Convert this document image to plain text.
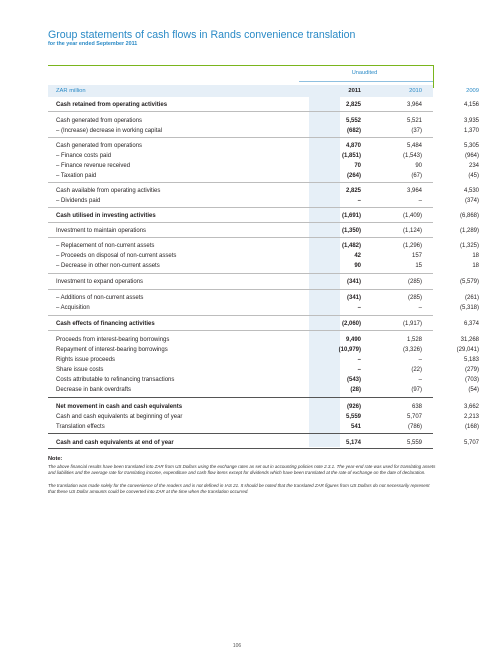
Group statements of cash flows in Rands convenience translation
for the year ended September 2011
Unaudited
ZAR million	2011	2010	2009
Cash retained from operating activities	2,825	3,964	4,156
Cash generated from operations	5,552	5,521	3,935
– (Increase) decrease in working capital	(682)	(37)	1,370
Cash generated from operations	4,870	5,484	5,305
– Finance costs paid	(1,851)	(1,543)	(964)
– Finance revenue received	70	90	234
– Taxation paid	(264)	(67)	(45)
Cash available from operating activities	2,825	3,964	4,530
– Dividends paid	–	–	(374)
Cash utilised in investing activities	(1,691)	(1,409)	(6,868)
Investment to maintain operations	(1,350)	(1,124)	(1,289)
– Replacement of non-current assets	(1,482)	(1,296)	(1,325)
– Proceeds on disposal of non-current assets	42	157	18
– Decrease in other non-current assets	90	15	18
Investment to expand operations	(341)	(285)	(5,579)
– Additions of non-current assets	(341)	(285)	(261)
– Acquisition	–	–	(5,318)
Cash effects of financing activities	(2,060)	(1,917)	6,374
Proceeds from interest-bearing borrowings	9,490	1,528	31,268
Repayment of interest-bearing borrowings	(10,979)	(3,326)	(29,041)
Rights issue proceeds	–	–	5,183
Share issue costs	–	(22)	(279)
Costs attributable to refinancing transactions	(543)	–	(703)
Decrease in bank overdrafts	(28)	(97)	(54)
Net movement in cash and cash equivalents	(926)	638	3,662
Cash and cash equivalents at beginning of year	5,559	5,707	2,213
Translation effects	541	(786)	(168)
Cash and cash equivalents at end of year	5,174	5,559	5,707
Note:
The above financial results have been translated into ZAR from US Dollars using the exchange rates as set out in accounting policies note 2.3.1. The year-end rate was used for translating assets and liabilities and the average rate for translating income, expenditure and cash flow items except for dividends which have been translated at the rate of exchange on the date of declaration.
The translation was made solely for the convenience of the readers and is not defined in IAS 21. It should be noted that the translated ZAR figures from US Dollars do not necessarily represent that these US Dollar amounts could be converted into ZAR at the time when the translation occurred.
106
